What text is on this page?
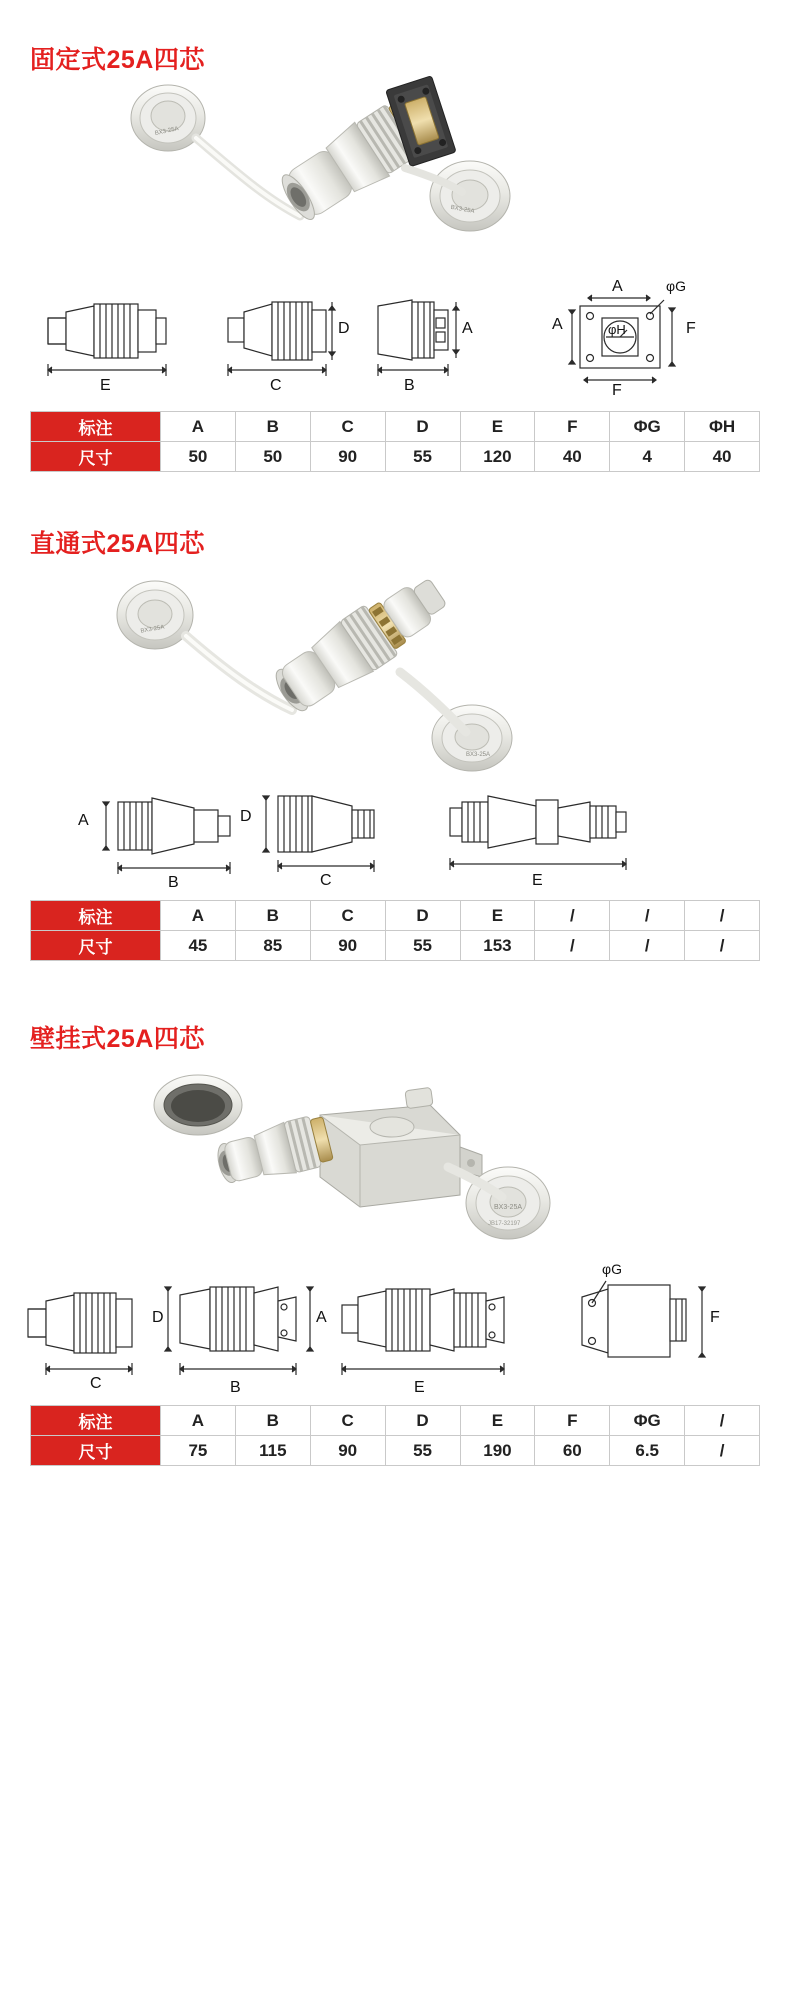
固定式25A四芯
BX3-25A
BX3-25A
E	C
D	A
B
A
F
A	φG
φH	F
标注	A	B	C	D	E	F	ΦG	ΦH
尺寸	50	50	90	55	120	40	4	40
直通式25A四芯
BX3-25A
BX3-25A
A
B
D
C	E
标注	A	B	C	D	E	/	/	/
尺寸	45	85	90	55	153	/	/	/
壁挂式25A四芯
BX3-25A
JB17-32197
C
D
B
A
E
φG
F
标注	A	B	C	D	E	F	ΦG	/
尺寸	75	115	90	55	190	60	6.5	/
